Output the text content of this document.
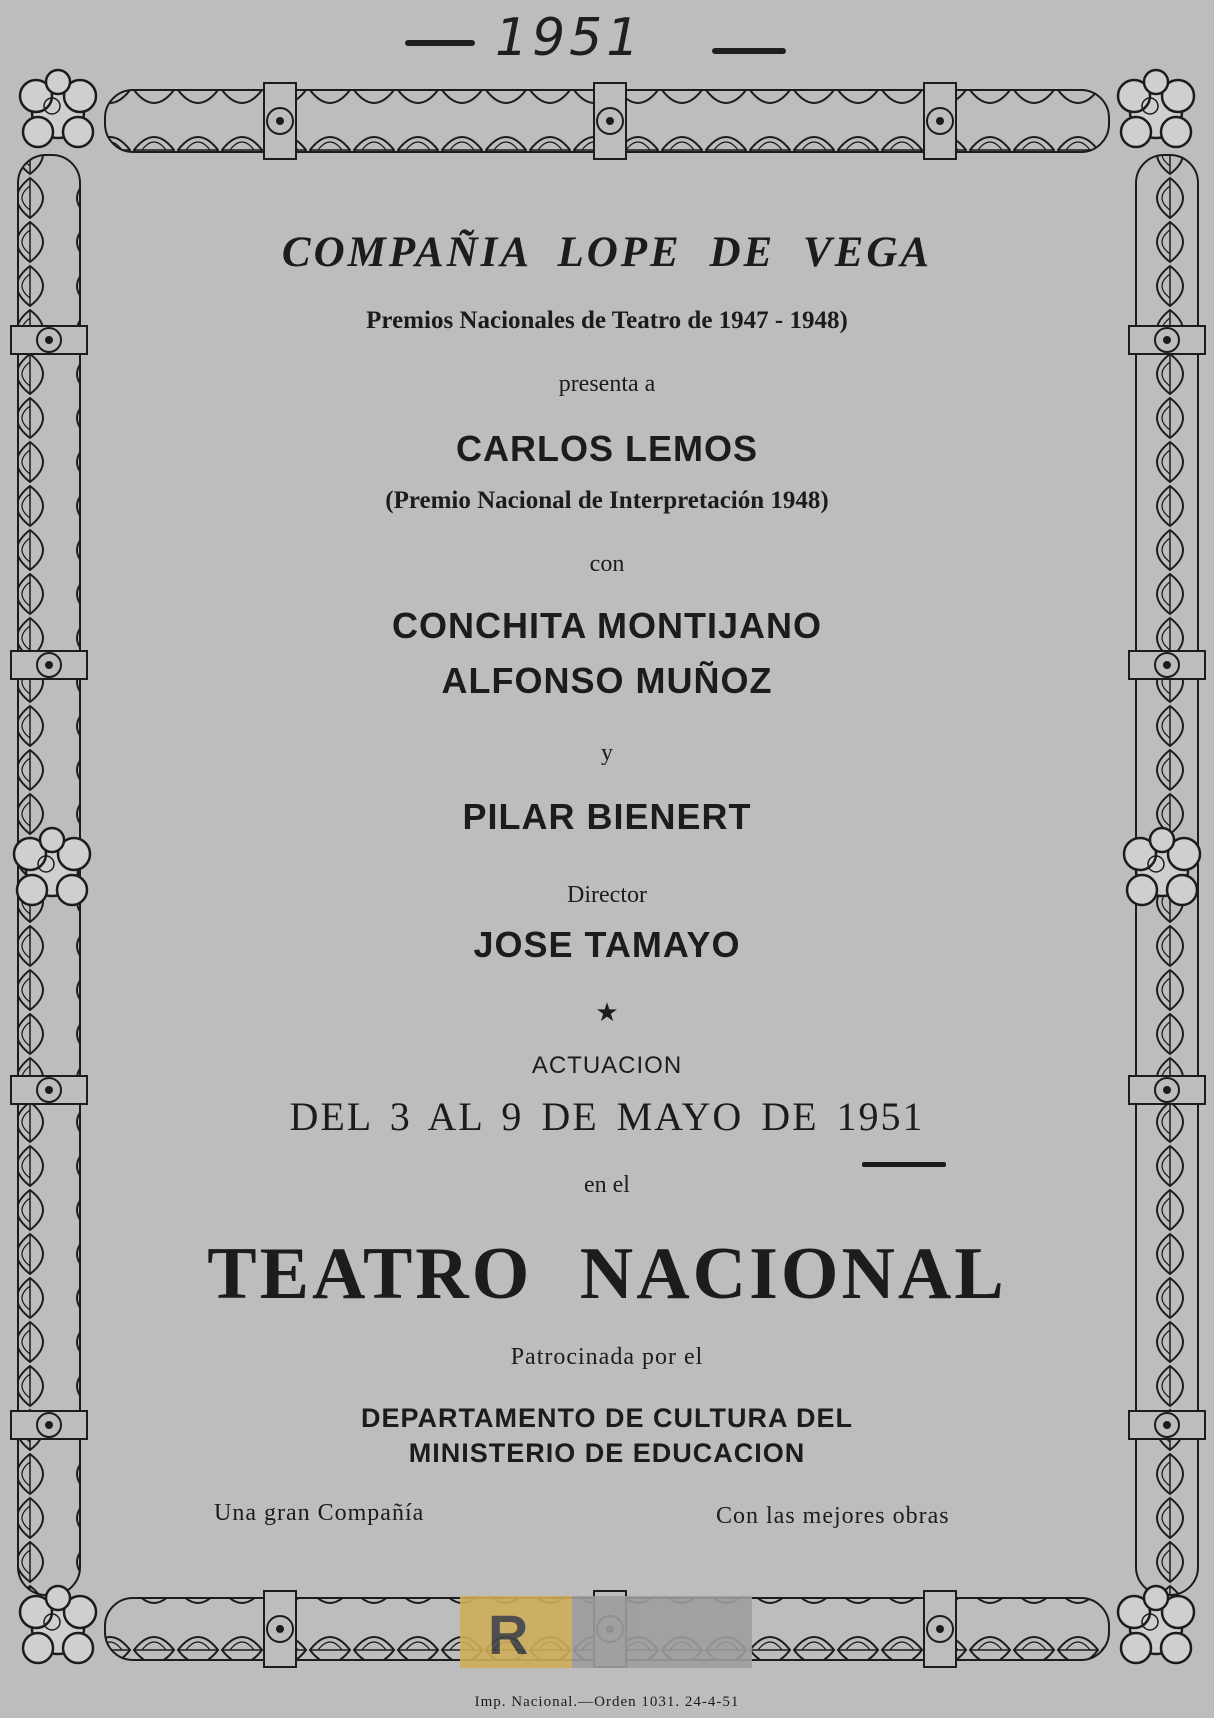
1951
COMPAÑIA LOPE DE VEGA
Premios Nacionales de Teatro de 1947 - 1948)
presenta a
CARLOS LEMOS
(Premio Nacional de Interpretación 1948)
con
CONCHITA MONTIJANO
ALFONSO MUÑOZ
y
PILAR BIENERT
Director
JOSE TAMAYO
★
ACTUACION
DEL 3 AL 9 DE MAYO DE 1951
en el
TEATRO NACIONAL
Patrocinada por el
DEPARTAMENTO DE CULTURA DEL
MINISTERIO DE EDUCACION
Una gran Compañía	Con las mejores obras
R
Imp. Nacional.—Orden 1031. 24-4-51
